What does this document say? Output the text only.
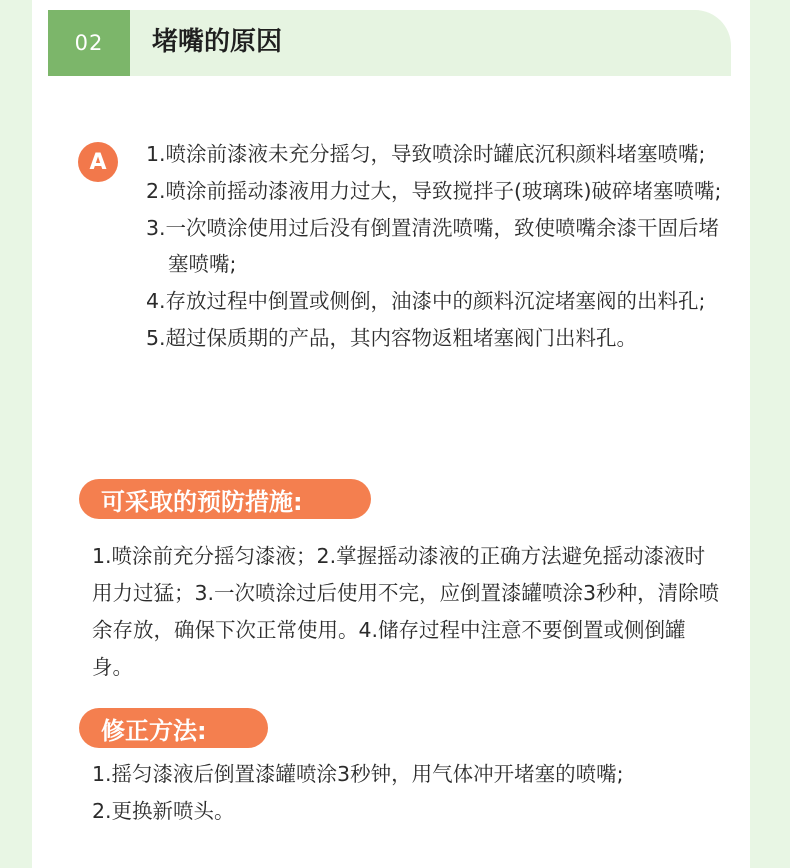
02	堵嘴的原因
A	1.喷涂前漆液未充分摇匀，导致喷涂时罐底沉积颜料堵塞喷嘴;
2.喷涂前摇动漆液用力过大，导致搅拌子(玻璃珠)破碎堵塞喷嘴;
3.一次喷涂使用过后没有倒置清洗喷嘴，致使喷嘴余漆干固后堵塞喷嘴;
4.存放过程中倒置或侧倒，油漆中的颜料沉淀堵塞阀的出料孔;
5.超过保质期的产品，其内容物返粗堵塞阀门出料孔。
可采取的预防措施:

1.喷涂前充分摇匀漆液；2.掌握摇动漆液的正确方法避免摇动漆液时用力过猛；3.一次喷涂过后使用不完，应倒置漆罐喷涂3秒种，清除喷余存放，确保下次正常使用。4.储存过程中注意不要倒置或侧倒罐身。

修正方法:
1.摇匀漆液后倒置漆罐喷涂3秒钟，用气体冲开堵塞的喷嘴;
2.更换新喷头。
